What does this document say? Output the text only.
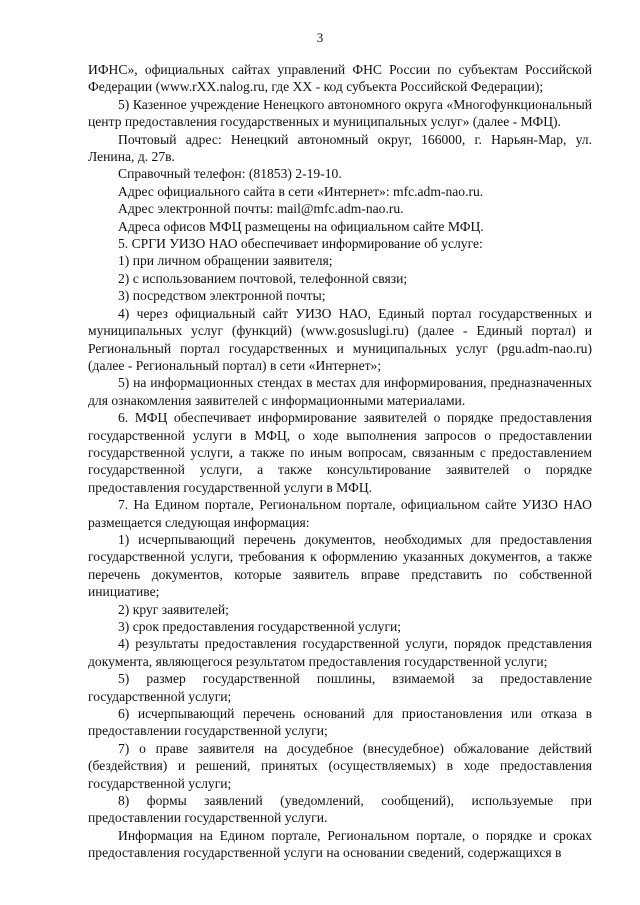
3

ИФНС», официальных сайтах управлений ФНС России по субъектам Российской Федерации (www.rXX.nalog.ru, где XX - код субъекта Российской Федерации);

5) Казенное учреждение Ненецкого автономного округа «Многофункциональный центр предоставления государственных и муниципальных услуг» (далее - МФЦ).

Почтовый адрес: Ненецкий автономный округ, 166000, г. Нарьян-Мар, ул. Ленина, д. 27в.

Справочный телефон: (81853) 2-19-10.

Адрес официального сайта в сети «Интернет»: mfc.adm-nao.ru.

Адрес электронной почты: mail@mfc.adm-nao.ru.

Адреса офисов МФЦ размещены на официальном сайте МФЦ.

5. СРГИ УИЗО НАО обеспечивает информирование об услуге:

1) при личном обращении заявителя;

2) с использованием почтовой, телефонной связи;

3) посредством электронной почты;

4) через официальный сайт УИЗО НАО, Единый портал государственных и муниципальных услуг (функций) (www.gosuslugi.ru) (далее - Единый портал) и Региональный портал государственных и муниципальных услуг (pgu.adm-nao.ru) (далее - Региональный портал) в сети «Интернет»;

5) на информационных стендах в местах для информирования, предназначенных для ознакомления заявителей с информационными материалами.

6. МФЦ обеспечивает информирование заявителей о порядке предоставления государственной услуги в МФЦ, о ходе выполнения запросов о предоставлении государственной услуги, а также по иным вопросам, связанным с предоставлением государственной услуги, а также консультирование заявителей о порядке предоставления государственной услуги в МФЦ.

7. На Едином портале, Региональном портале, официальном сайте УИЗО НАО размещается следующая информация:

1) исчерпывающий перечень документов, необходимых для предоставления государственной услуги, требования к оформлению указанных документов, а также перечень документов, которые заявитель вправе представить по собственной инициативе;

2) круг заявителей;

3) срок предоставления государственной услуги;

4) результаты предоставления государственной услуги, порядок представления документа, являющегося результатом предоставления государственной услуги;

5) размер государственной пошлины, взимаемой за предоставление государственной услуги;

6) исчерпывающий перечень оснований для приостановления или отказа в предоставлении государственной услуги;

7) о праве заявителя на досудебное (внесудебное) обжалование действий (бездействия) и решений, принятых (осуществляемых) в ходе предоставления государственной услуги;

8) формы заявлений (уведомлений, сообщений), используемые при предоставлении государственной услуги.

Информация на Едином портале, Региональном портале, о порядке и сроках предоставления государственной услуги на основании сведений, содержащихся в
